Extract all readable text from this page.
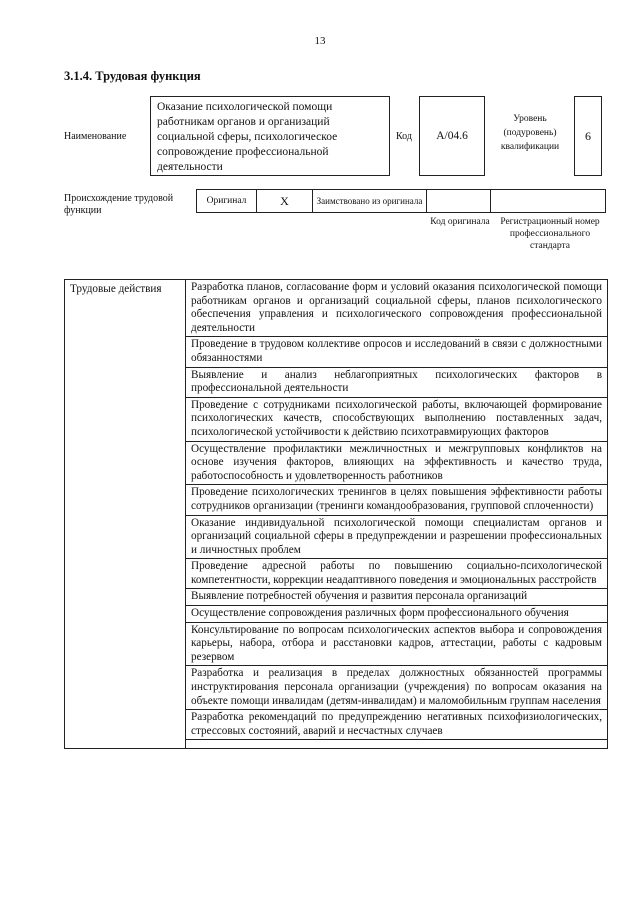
13
3.1.4. Трудовая функция
Наименование
Оказание психологической помощи работникам органов и организаций социальной сферы, психологическое сопровождение профессиональной деятельности
Код	A/04.6
Уровень (подуровень) квалификации
6
Происхождение трудовой функции
Оригинал	X	Заимствовано из оригинала
Код оригинала Регистрационный номер профессионального стандарта
Трудовые действия	Разработка планов, согласование форм и условий оказания психологической помощи работникам органов и организаций социальной сферы, планов психологического обеспечения управления и психологического сопровождения профессиональной деятельности
Проведение в трудовом коллективе опросов и исследований в связи с должностными обязанностями
Выявление и анализ неблагоприятных психологических факторов в профессиональной деятельности
Проведение с сотрудниками психологической работы, включающей формирование психологических качеств, способствующих выполнению поставленных задач, психологической устойчивости к действию психотравмирующих факторов
Осуществление профилактики межличностных и межгрупповых конфликтов на основе изучения факторов, влияющих на эффективность и качество труда, работоспособность и удовлетворенность работников
Проведение психологических тренингов в целях повышения эффективности работы сотрудников организации (тренинги командообразования, групповой сплоченности)
Оказание индивидуальной психологической помощи специалистам органов и организаций социальной сферы в предупреждении и разрешении профессиональных и личностных проблем
Проведение адресной работы по повышению социально-психологической компетентности, коррекции неадаптивного поведения и эмоциональных расстройств
Выявление потребностей обучения и развития персонала организаций
Осуществление сопровождения различных форм профессионального обучения
Консультирование по вопросам психологических аспектов выбора и сопровождения карьеры, набора, отбора и расстановки кадров, аттестации, работы с кадровым резервом
Разработка и реализация в пределах должностных обязанностей программы инструктирования персонала организации (учреждения) по вопросам оказания на объекте помощи инвалидам (детям-инвалидам) и маломобильным группам населения
Разработка рекомендаций по предупреждению негативных психофизиологических, стрессовых состояний, аварий и несчастных случаев
